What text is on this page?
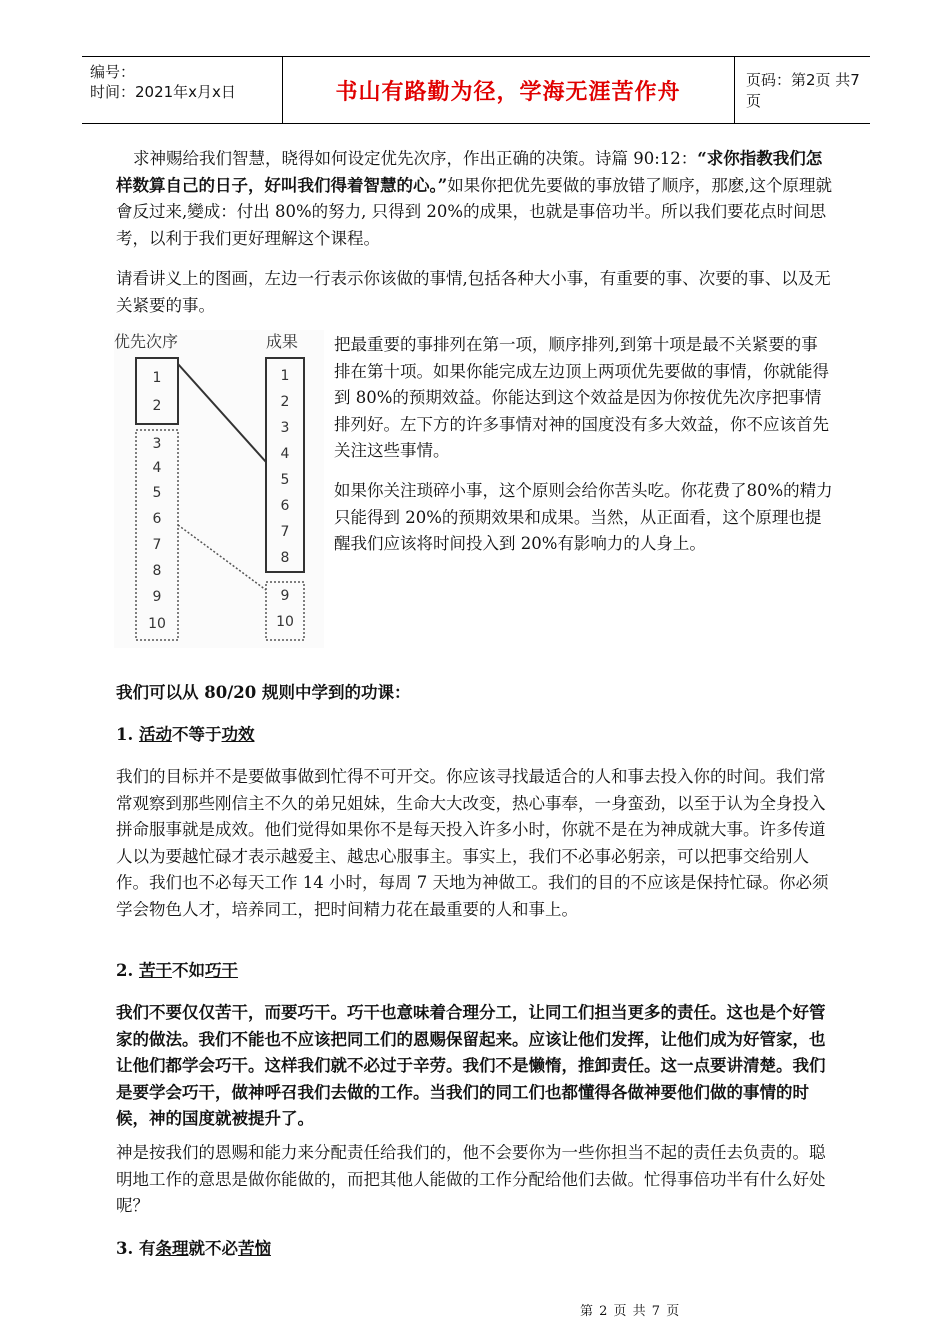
编号：
时间：2021年x月x日	书山有路勤为径，学海无涯苦作舟	页码：第2页 共7页

求神赐给我们智慧，晓得如何设定优先次序，作出正确的决策。诗篇 90:12：“求你指教我们怎样数算自己的日子，好叫我们得着智慧的心。”如果你把优先要做的事放错了顺序，那麽,这个原理就會反过来,變成：付出 80%的努力, 只得到 20%的成果，也就是事倍功半。所以我们要花点时间思考，以利于我们更好理解这个课程。

请看讲义上的图画，左边一行表示你该做的事情,包括各种大小事，有重要的事、次要的事、以及无关紧要的事。

优先次序	成果
1
2
3
4
5
6
7
8
9
10
1
2
3
4
5
6
7
8
9
10

把最重要的事排列在第一项，顺序排列,到第十项是最不关紧要的事排在第十项。如果你能完成左边顶上两项优先要做的事情，你就能得到 80%的预期效益。你能达到这个效益是因为你按优先次序把事情排列好。左下方的许多事情对神的国度没有多大效益，你不应该首先关注这些事情。

如果你关注琐碎小事，这个原则会给你苦头吃。你花费了80%的精力只能得到 20%的预期效果和成果。当然，从正面看，这个原理也提醒我们应该将时间投入到 20%有影响力的人身上。

我们可以从 80/20 规则中学到的功课：

1. 活动不等于功效

我们的目标并不是要做事做到忙得不可开交。你应该寻找最适合的人和事去投入你的时间。我们常常观察到那些刚信主不久的弟兄姐妹，生命大大改变，热心事奉，一身蛮劲，以至于认为全身投入拼命服事就是成效。他们觉得如果你不是每天投入许多小时，你就不是在为神成就大事。许多传道人以为要越忙碌才表示越爱主、越忠心服事主。事实上，我们不必事必躬亲，可以把事交给别人作。我们也不必每天工作 14 小时，每周 7 天地为神做工。我们的目的不应该是保持忙碌。你必须学会物色人才，培养同工，把时间精力花在最重要的人和事上。

2. 苦干不如巧干

我们不要仅仅苦干，而要巧干。巧干也意味着合理分工，让同工们担当更多的责任。这也是个好管家的做法。我们不能也不应该把同工们的恩赐保留起来。应该让他们发挥，让他们成为好管家，也让他们都学会巧干。这样我们就不必过于辛劳。我们不是懒惰，推卸责任。这一点要讲清楚。我们是要学会巧干，做神呼召我们去做的工作。当我们的同工们也都懂得各做神要他们做的事情的时候，神的国度就被提升了。

神是按我们的恩赐和能力来分配责任给我们的，他不会要你为一些你担当不起的责任去负责的。聪明地工作的意思是做你能做的，而把其他人能做的工作分配给他们去做。忙得事倍功半有什么好处呢？

3. 有条理就不必苦恼

第 2 页 共 7 页
